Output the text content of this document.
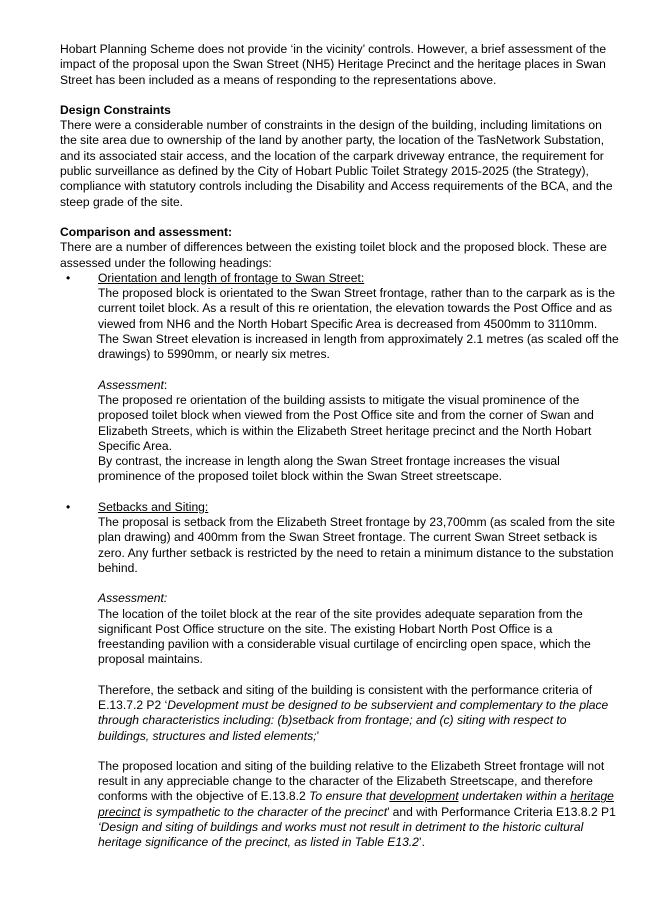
Hobart Planning Scheme does not provide ‘in the vicinity’ controls. However, a brief assessment of the impact of the proposal upon the Swan Street (NH5) Heritage Precinct and the heritage places in Swan Street has been included as a means of responding to the representations above.

Design Constraints

There were a considerable number of constraints in the design of the building, including limitations on the site area due to ownership of the land by another party, the location of the TasNetwork Substation, and its associated stair access, and the location of the carpark driveway entrance, the requirement for public surveillance as defined by the City of Hobart Public Toilet Strategy 2015-2025 (the Strategy), compliance with statutory controls including the Disability and Access requirements of the BCA, and the steep grade of the site.

Comparison and assessment:

There are a number of differences between the existing toilet block and the proposed block. These are assessed under the following headings:

• Orientation and length of frontage to Swan Street:

The proposed block is orientated to the Swan Street frontage, rather than to the carpark as is the current toilet block. As a result of this re orientation, the elevation towards the Post Office and as viewed from NH6 and the North Hobart Specific Area is decreased from 4500mm to 3110mm. The Swan Street elevation is increased in length from approximately 2.1 metres (as scaled off the drawings) to 5990mm, or nearly six metres.

Assessment:

The proposed re orientation of the building assists to mitigate the visual prominence of the proposed toilet block when viewed from the Post Office site and from the corner of Swan and Elizabeth Streets, which is within the Elizabeth Street heritage precinct and the North Hobart Specific Area.

By contrast, the increase in length along the Swan Street frontage increases the visual prominence of the proposed toilet block within the Swan Street streetscape.

• Setbacks and Siting:

The proposal is setback from the Elizabeth Street frontage by 23,700mm (as scaled from the site plan drawing) and 400mm from the Swan Street frontage. The current Swan Street setback is zero. Any further setback is restricted by the need to retain a minimum distance to the substation behind.

Assessment:

The location of the toilet block at the rear of the site provides adequate separation from the significant Post Office structure on the site. The existing Hobart North Post Office is a freestanding pavilion with a considerable visual curtilage of encircling open space, which the proposal maintains.

Therefore, the setback and siting of the building is consistent with the performance criteria of E.13.7.2 P2 ‘Development must be designed to be subservient and complementary to the place through characteristics including: (b)setback from frontage; and (c) siting with respect to buildings, structures and listed elements;’

The proposed location and siting of the building relative to the Elizabeth Street frontage will not result in any appreciable change to the character of the Elizabeth Streetscape, and therefore conforms with the objective of E.13.8.2 To ensure that development undertaken within a heritage precinct is sympathetic to the character of the precinct’ and with Performance Criteria E13.8.2 P1 ‘Design and siting of buildings and works must not result in detriment to the historic cultural heritage significance of the precinct, as listed in Table E13.2’.
